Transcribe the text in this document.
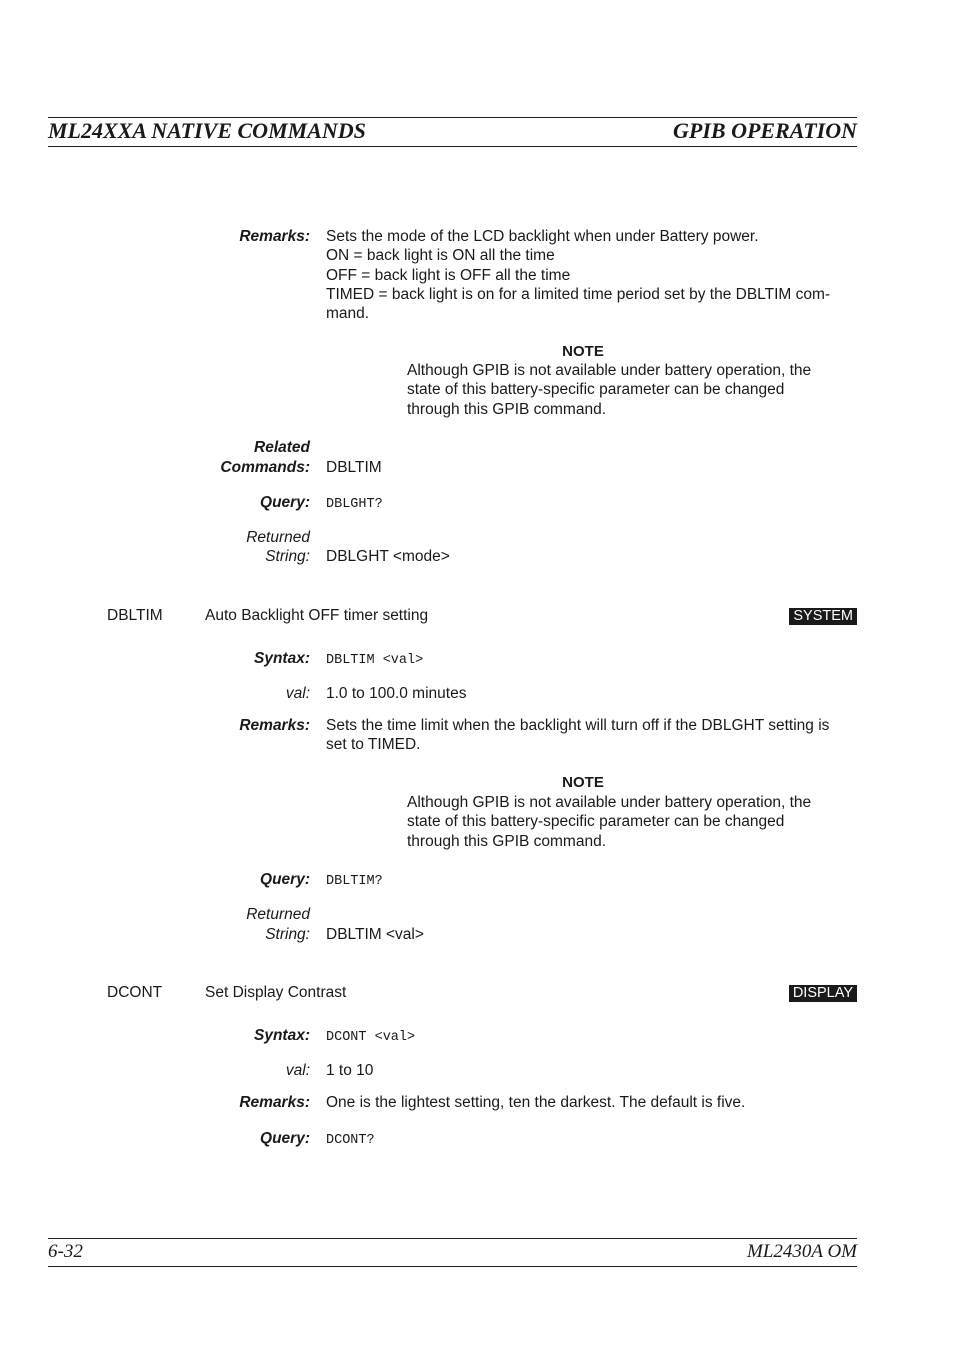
ML24XXA NATIVE COMMANDS	GPIB OPERATION
Remarks: Sets the mode of the LCD backlight when under Battery power.
ON = back light is ON all the time
OFF = back light is OFF all the time
TIMED = back light is on for a limited time period set by the DBLTIM com-
mand.
NOTE
Although GPIB is not available under battery operation, the
state of this battery-specific parameter can be changed
through this GPIB command.
Related
Commands: DBLTIM
Query: DBLGHT?
Returned
String: DBLGHT <mode>
DBLTIM	Auto Backlight OFF timer setting	SYSTEM
Syntax: DBLTIM <val>
val: 1.0 to 100.0 minutes
Remarks: Sets the time limit when the backlight will turn off if the DBLGHT setting is
set to TIMED.
NOTE
Although GPIB is not available under battery operation, the
state of this battery-specific parameter can be changed
through this GPIB command.
Query: DBLTIM?
Returned
String: DBLTIM <val>
DCONT	Set Display Contrast	DISPLAY
Syntax: DCONT <val>
val: 1 to 10
Remarks: One is the lightest setting, ten the darkest. The default is five.
Query: DCONT?
6-32	ML2430A OM
